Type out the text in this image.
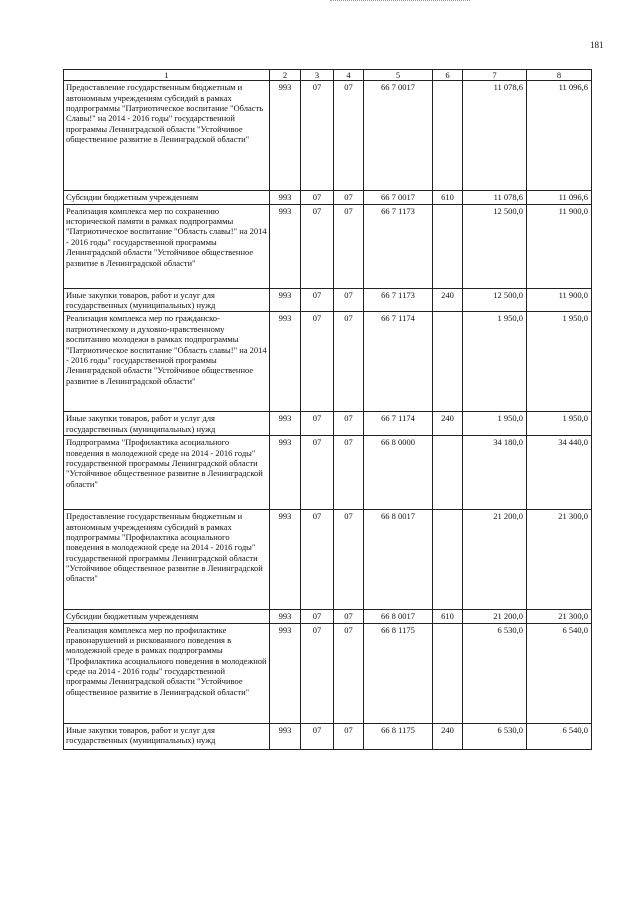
181
1	2	3	4	5	6	7	8
Предоставление государственным бюджетным и автономным учреждениям субсидий в рамках подпрограммы "Патриотическое воспитание "Область Славы!" на 2014 - 2016 годы" государственной программы Ленинградской области "Устойчивое общественное развитие в Ленинградской области"	993	07	07	66 7 0017		11 078,6	11 096,6
Субсидии бюджетным учреждениям	993	07	07	66 7 0017	610	11 078,6	11 096,6
Реализация комплекса мер по сохранению исторической памяти в рамках подпрограммы "Патриотическое воспитание "Область славы!" на 2014 - 2016 годы" государственной программы Ленинградской области "Устойчивое общественное развитие в Ленинградской области"	993	07	07	66 7 1173		12 500,0	11 900,0
Иные закупки товаров, работ и услуг для государственных (муниципальных) нужд	993	07	07	66 7 1173	240	12 500,0	11 900,0
Реализация комплекса мер по гражданско-патриотическому и духовно-нравственному воспитанию молодежи в рамках подпрограммы "Патриотическое воспитание "Область славы!" на 2014 - 2016 годы" государственной программы Ленинградской области "Устойчивое общественное развитие в Ленинградской области"	993	07	07	66 7 1174		1 950,0	1 950,0
Иные закупки товаров, работ и услуг для государственных (муниципальных) нужд	993	07	07	66 7 1174	240	1 950,0	1 950,0
Подпрограмма "Профилактика асоциального поведения в молодежной среде на 2014 - 2016 годы" государственной программы Ленинградской области "Устойчивое общественное развитие в Ленинградской области"	993	07	07	66 8 0000		34 180,0	34 440,0
Предоставление государственным бюджетным и автономным учреждениям субсидий в рамках подпрограммы "Профилактика асоциального поведения в молодежной среде на 2014 - 2016 годы" государственной программы Ленинградской области "Устойчивое общественное развитие в Ленинградской области"	993	07	07	66 8 0017		21 200,0	21 300,0
Субсидии бюджетным учреждениям	993	07	07	66 8 0017	610	21 200,0	21 300,0
Реализация комплекса мер по профилактике правонарушений и рискованного поведения в молодежной среде в рамках подпрограммы "Профилактика асоциального поведения в молодежной среде на 2014 - 2016 годы" государственной программы Ленинградской области "Устойчивое общественное развитие в Ленинградской области"	993	07	07	66 8 1175		6 530,0	6 540,0
Иные закупки товаров, работ и услуг для государственных (муниципальных) нужд	993	07	07	66 8 1175	240	6 530,0	6 540,0
